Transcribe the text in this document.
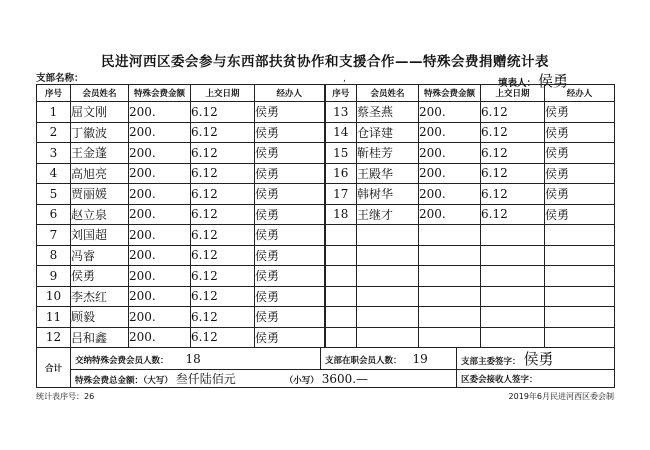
民进河西区委会参与东西部扶贫协作和支援合作——特殊会费捐赠统计表
支部名称：	,	填表人： 侯勇
序号	会员姓名	特殊会费金额	上交日期	经办人	序号	会员姓名	特殊会费金额	上交日期	经办人
1	屈文刚	200.	6.12	侯勇	13	蔡圣燕	200.	6.12	侯勇
2	丁徽波	200.	6.12	侯勇	14	仓译建	200.	6.12	侯勇
3	王金蓬	200.	6.12	侯勇	15	靳桂芳	200.	6.12	侯勇
4	高旭亮	200.	6.12	侯勇	16	王殿华	200.	6.12	侯勇
5	贾丽媛	200.	6.12	侯勇	17	韩树华	200.	6.12	侯勇
6	赵立泉	200.	6.12	侯勇	18	王继才	200.	6.12	侯勇
7	刘国超	200.	6.12	侯勇					
8	冯睿	200.	6.12	侯勇					
9	侯勇	200.	6.12	侯勇					
10	李杰红	200.	6.12	侯勇					
11	顾毅	200.	6.12	侯勇					
12	吕和鑫	200.	6.12	侯勇					
合计	交纳特殊会费会员人数： 18	支部在职会员人数： 19	支部主委签字： 侯勇
	特殊会费总金额：（大写） 叁仟陆佰元 （小写） 3600.—		区委会接收人签字：
统计表序号：26	2019年6月民进河西区委会制
